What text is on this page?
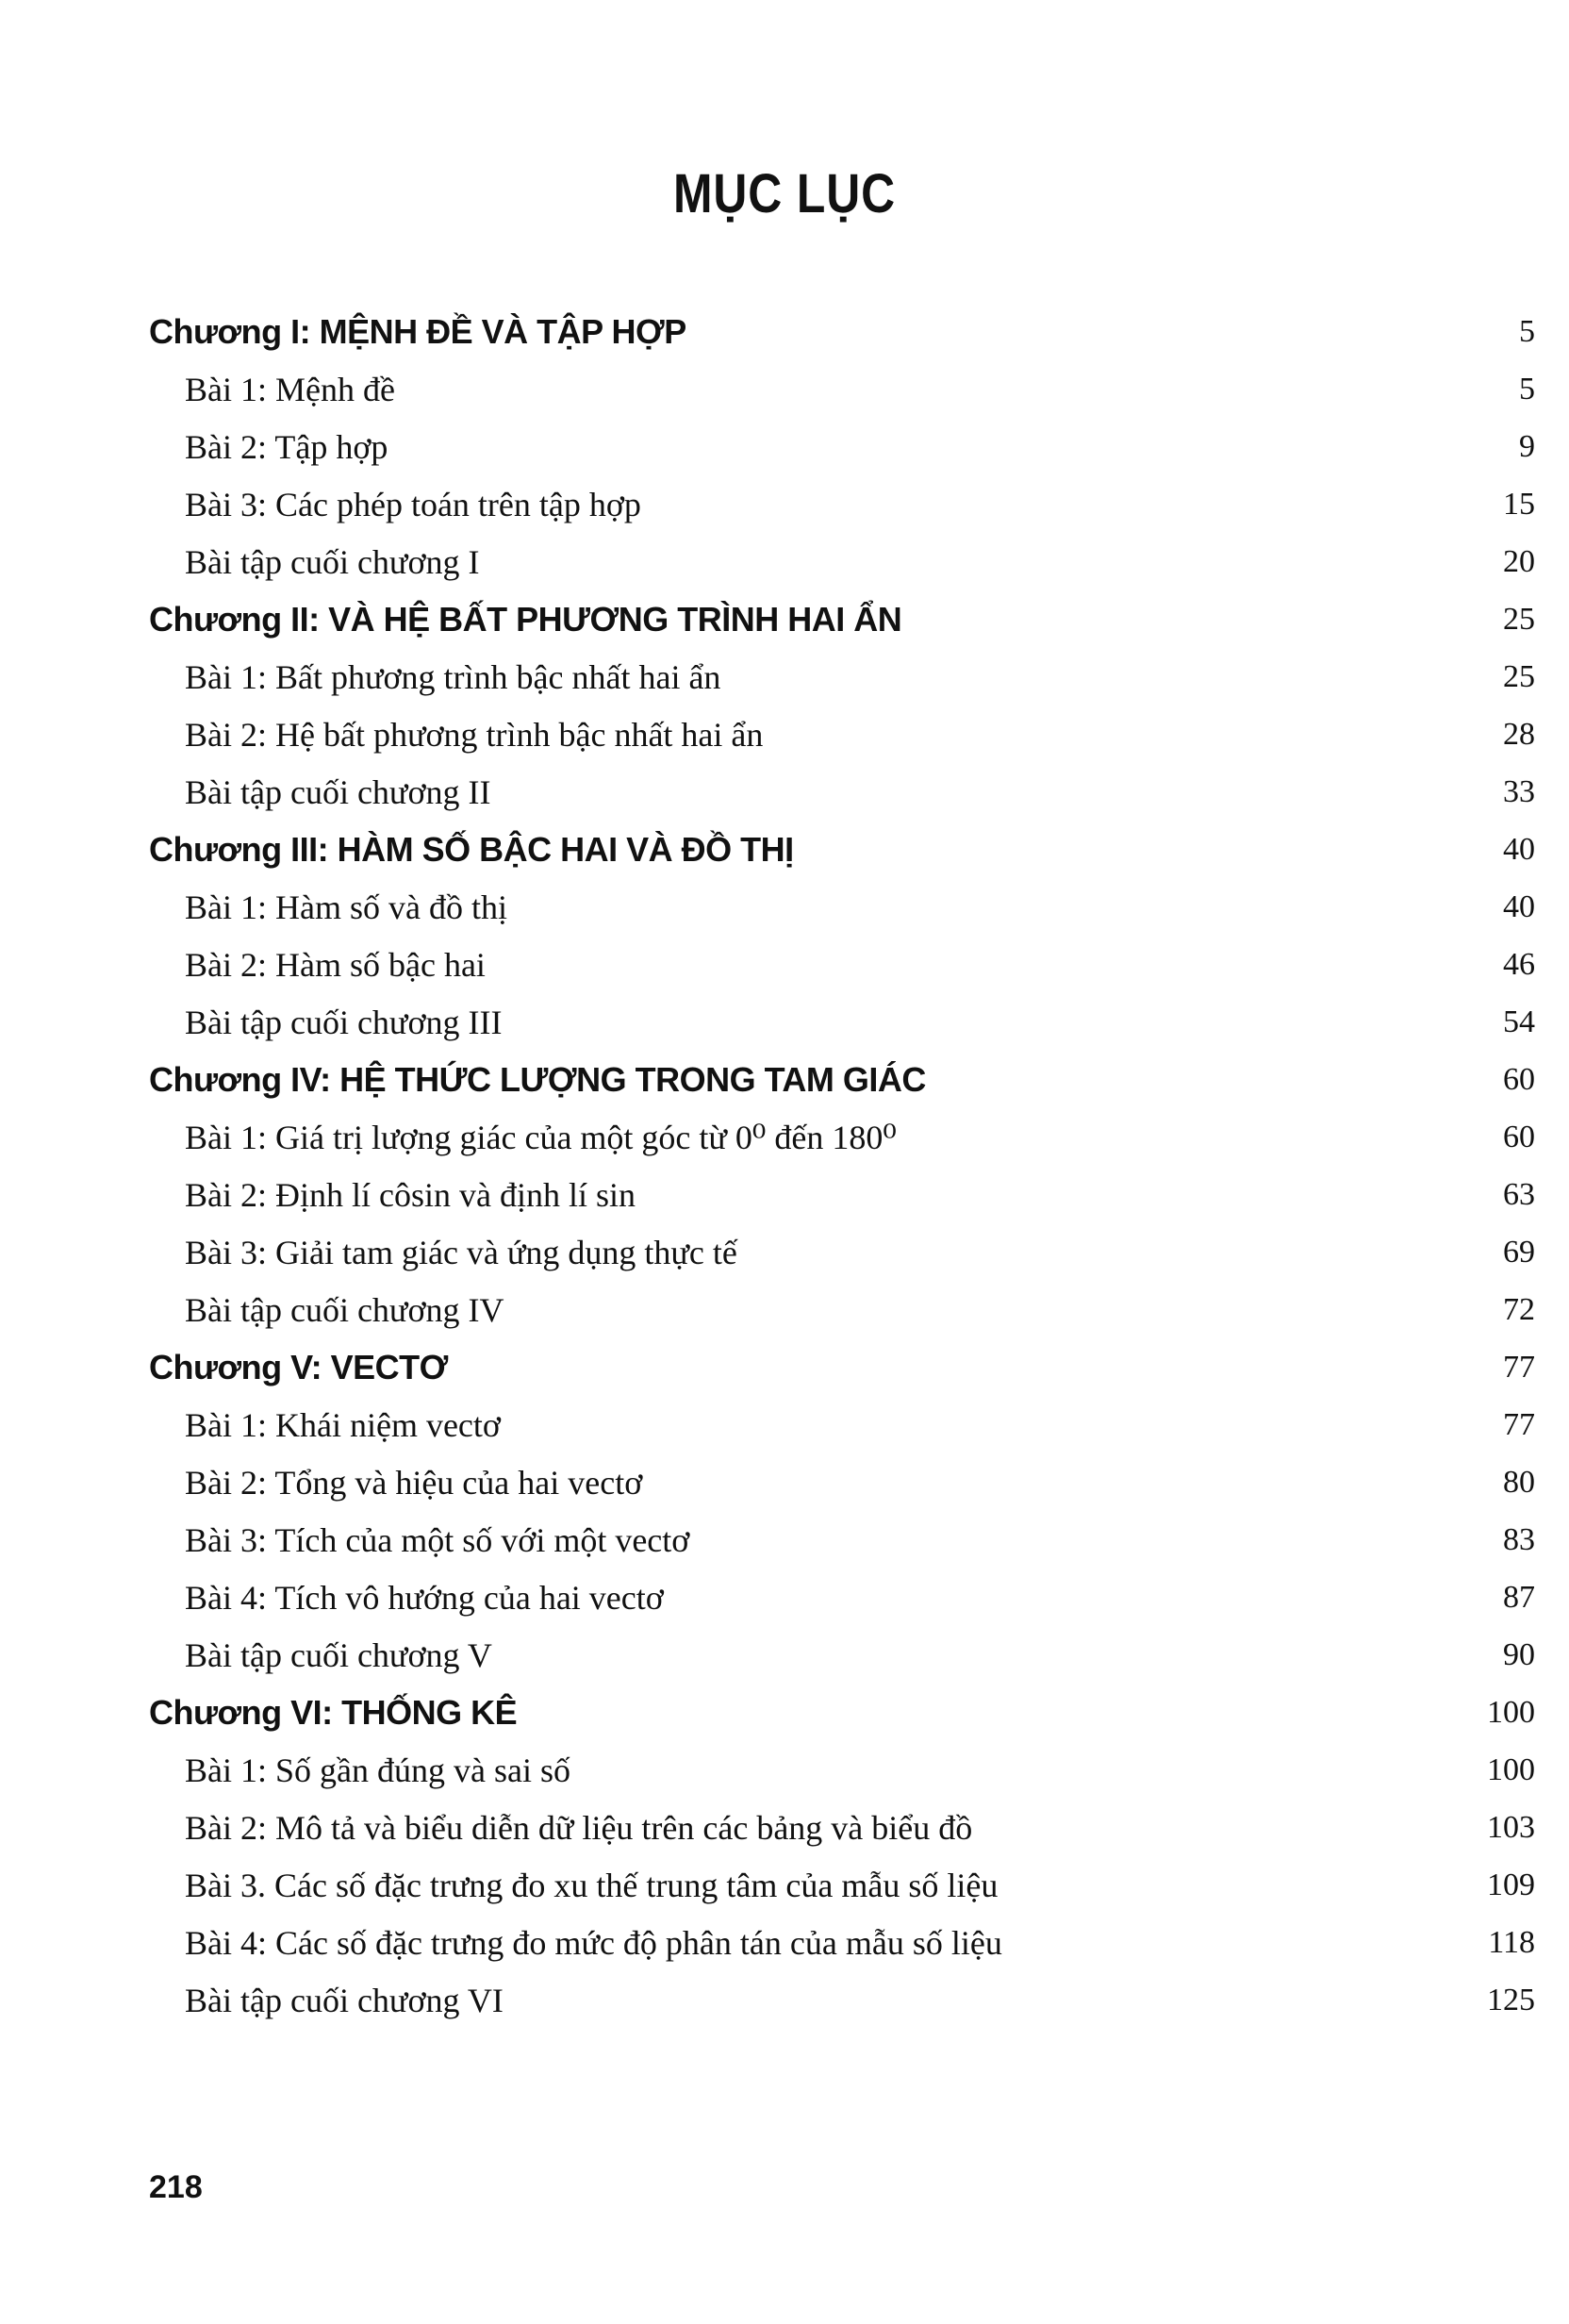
MỤC LỤC
Chương I: MỆNH ĐỀ VÀ TẬP HỢP	5
Bài 1: Mệnh đề	5
Bài 2: Tập hợp	9
Bài 3: Các phép toán trên tập hợp	15
Bài tập cuối chương I	20
Chương II: VÀ HỆ BẤT PHƯƠNG TRÌNH HAI ẨN	25
Bài 1: Bất phương trình bậc nhất hai ẩn	25
Bài 2: Hệ bất phương trình bậc nhất hai ẩn	28
Bài tập cuối chương II	33
Chương III: HÀM SỐ BẬC HAI VÀ ĐỒ THỊ	40
Bài 1: Hàm số và đồ thị	40
Bài 2: Hàm số bậc hai	46
Bài tập cuối chương III	54
Chương IV: HỆ THỨC LƯỢNG TRONG TAM GIÁC	60
Bài 1: Giá trị lượng giác của một góc từ 0⁰ đến 180⁰	60
Bài 2: Định lí côsin và định lí sin	63
Bài 3: Giải tam giác và ứng dụng thực tế	69
Bài tập cuối chương IV	72
Chương V: VECTƠ	77
Bài 1: Khái niệm vectơ	77
Bài 2: Tổng và hiệu của hai vectơ	80
Bài 3: Tích của một số với một vectơ	83
Bài 4: Tích vô hướng của hai vectơ	87
Bài tập cuối chương V	90
Chương VI: THỐNG KÊ	100
Bài 1: Số gần đúng và sai số	100
Bài 2: Mô tả và biểu diễn dữ liệu trên các bảng và biểu đồ	103
Bài 3. Các số đặc trưng đo xu thế trung tâm của mẫu số liệu	109
Bài 4: Các số đặc trưng đo mức độ phân tán của mẫu số liệu	118
Bài tập cuối chương VI	125
218
